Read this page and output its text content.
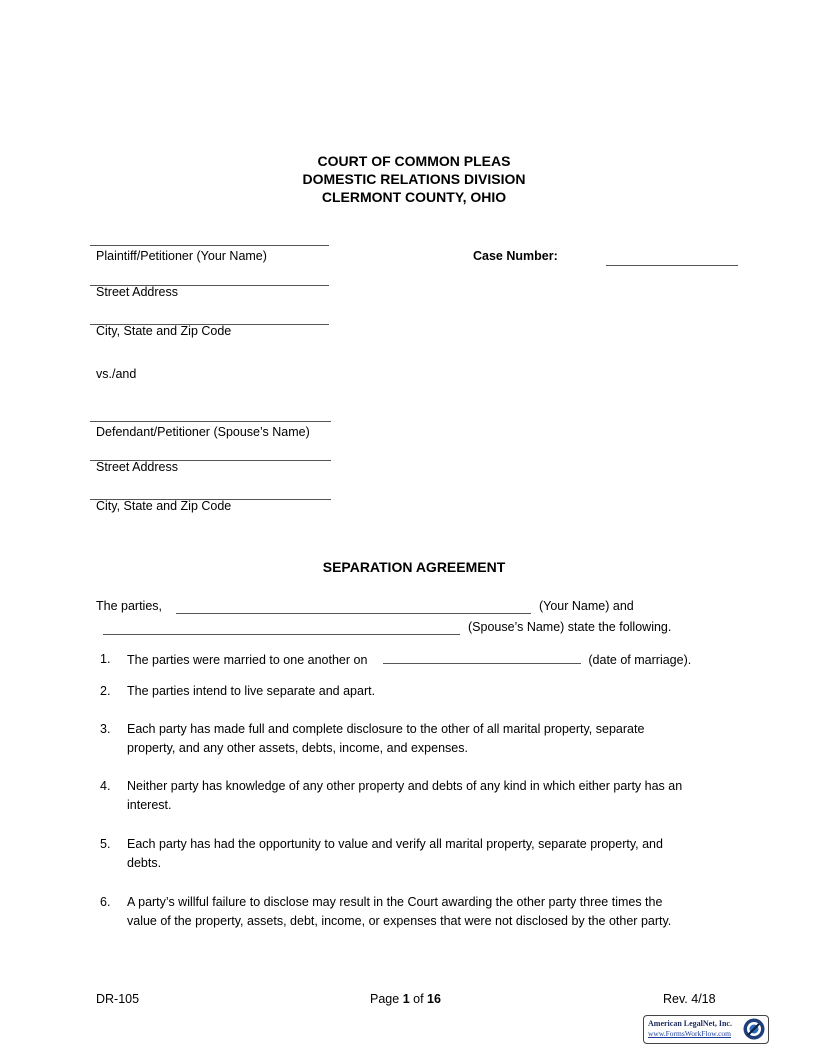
COURT OF COMMON PLEAS
DOMESTIC RELATIONS DIVISION
CLERMONT COUNTY, OHIO
Plaintiff/Petitioner (Your Name)
Street Address
City, State and Zip Code
vs./and
Defendant/Petitioner (Spouse’s Name)
Street Address
City, State and Zip Code
Case Number:
SEPARATION AGREEMENT
The parties,	(Your Name) and
(Spouse’s Name) state the following.
1. The parties were married to one another on	(date of marriage).
2. The parties intend to live separate and apart.
3. Each party has made full and complete disclosure to the other of all marital property, separate
property, and any other assets, debts, income, and expenses.
4. Neither party has knowledge of any other property and debts of any kind in which either party has an
interest.
5. Each party has had the opportunity to value and verify all marital property, separate property, and
debts.
6. A party’s willful failure to disclose may result in the Court awarding the other party three times the
value of the property, assets, debt, income, or expenses that were not disclosed by the other party.
DR-105	Page 1 of 16	Rev. 4/18
American LegalNet, Inc.
www.FormsWorkFlow.com
